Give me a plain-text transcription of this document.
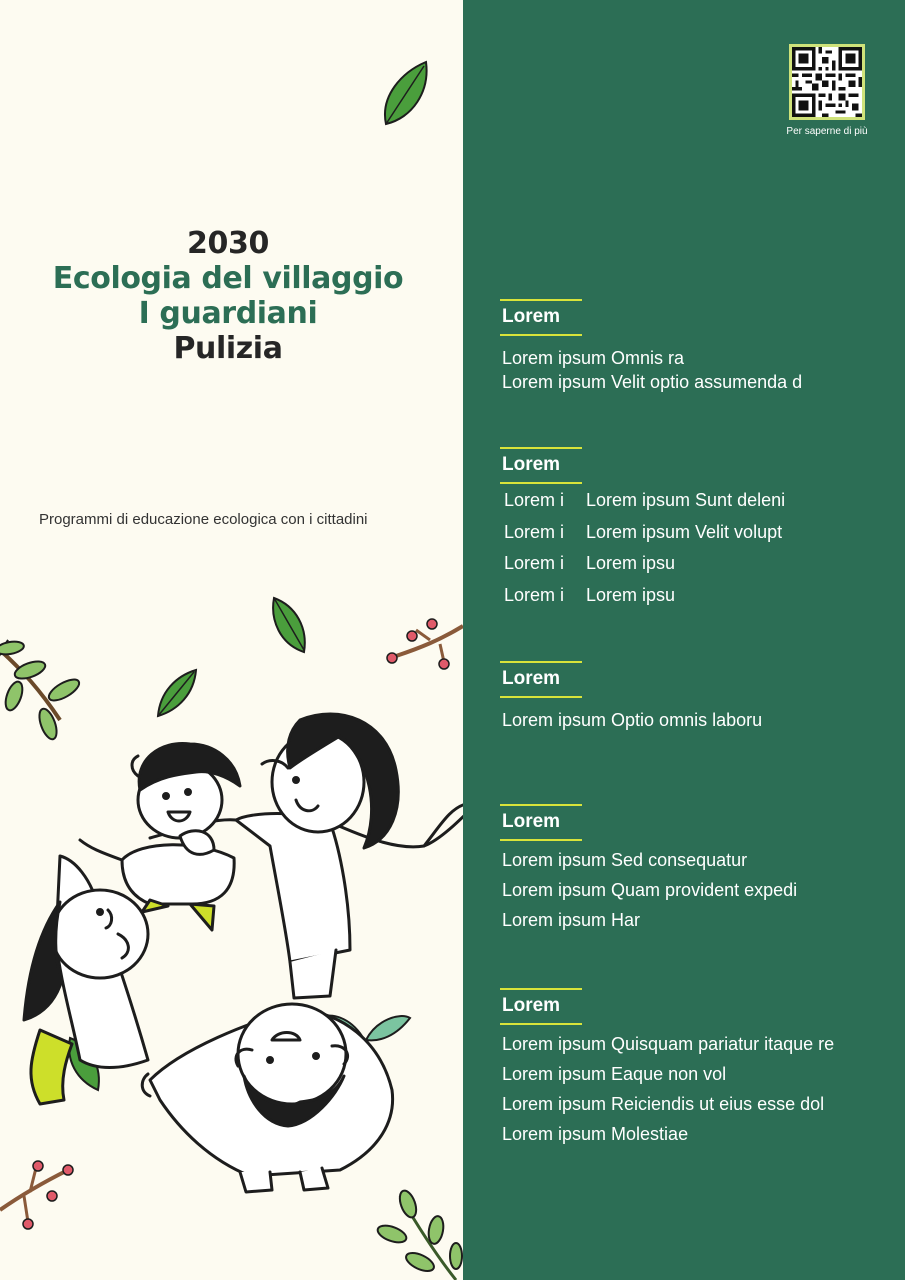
2030
Ecologia del villaggio
I guardiani
Pulizia
Programmi di educazione ecologica con i cittadini
Per saperne di più
Lorem
Lorem ipsum Omnis ra
Lorem ipsum Velit optio assumenda d
Lorem
Lorem i	Lorem ipsum Sunt deleni
Lorem i	Lorem ipsum Velit volupt
Lorem i	Lorem ipsu
Lorem i	Lorem ipsu
Lorem
Lorem ipsum Optio omnis laboru
Lorem
Lorem ipsum Sed consequatur
Lorem ipsum Quam provident expedi
Lorem ipsum Har
Lorem
Lorem ipsum Quisquam pariatur itaque re
Lorem ipsum Eaque non vol
Lorem ipsum Reiciendis ut eius esse dol
Lorem ipsum Molestiae
